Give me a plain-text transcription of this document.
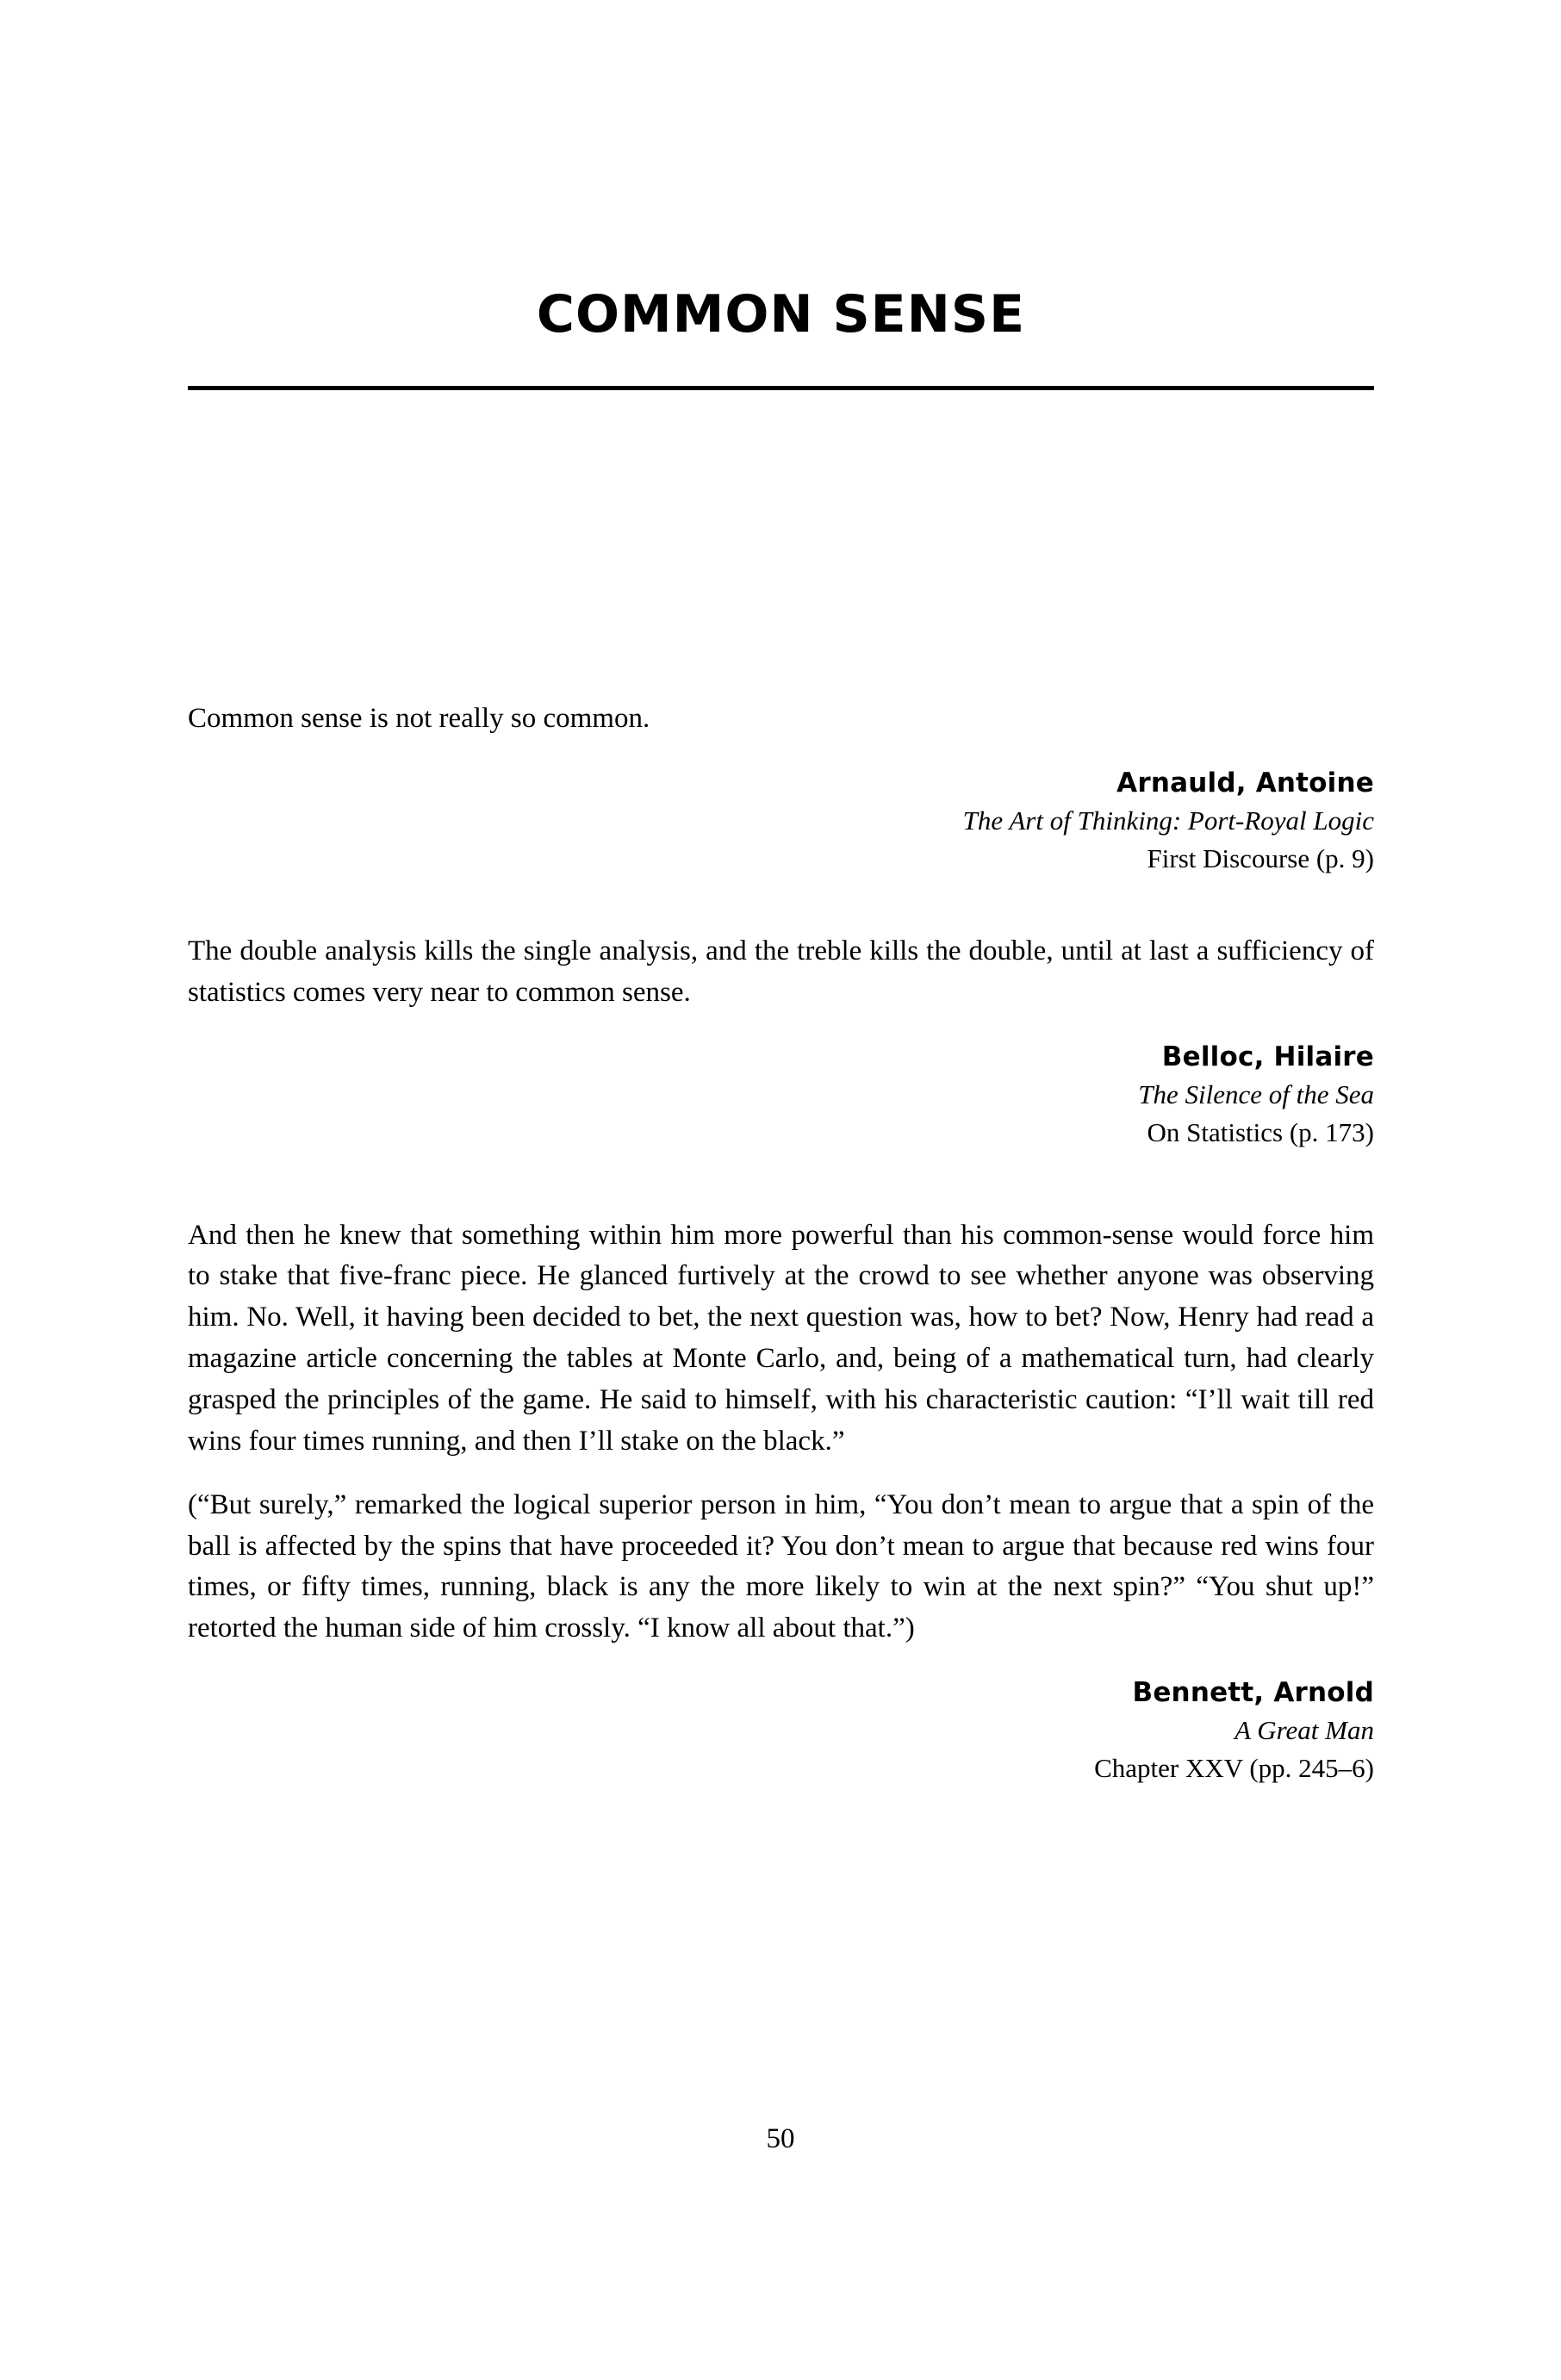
COMMON SENSE

Common sense is not really so common.

Arnauld, Antoine
The Art of Thinking: Port-Royal Logic
First Discourse (p. 9)

The double analysis kills the single analysis, and the treble kills the double, until at last a sufficiency of statistics comes very near to common sense.

Belloc, Hilaire
The Silence of the Sea
On Statistics (p. 173)

And then he knew that something within him more powerful than his common-sense would force him to stake that five-franc piece. He glanced furtively at the crowd to see whether anyone was observing him. No. Well, it having been decided to bet, the next question was, how to bet? Now, Henry had read a magazine article concerning the tables at Monte Carlo, and, being of a mathematical turn, had clearly grasped the principles of the game. He said to himself, with his characteristic caution: “I’ll wait till red wins four times running, and then I’ll stake on the black.”

(“But surely,” remarked the logical superior person in him, “You don’t mean to argue that a spin of the ball is affected by the spins that have proceeded it? You don’t mean to argue that because red wins four times, or fifty times, running, black is any the more likely to win at the next spin?” “You shut up!” retorted the human side of him crossly. “I know all about that.”)

Bennett, Arnold
A Great Man
Chapter XXV (pp. 245–6)
50
